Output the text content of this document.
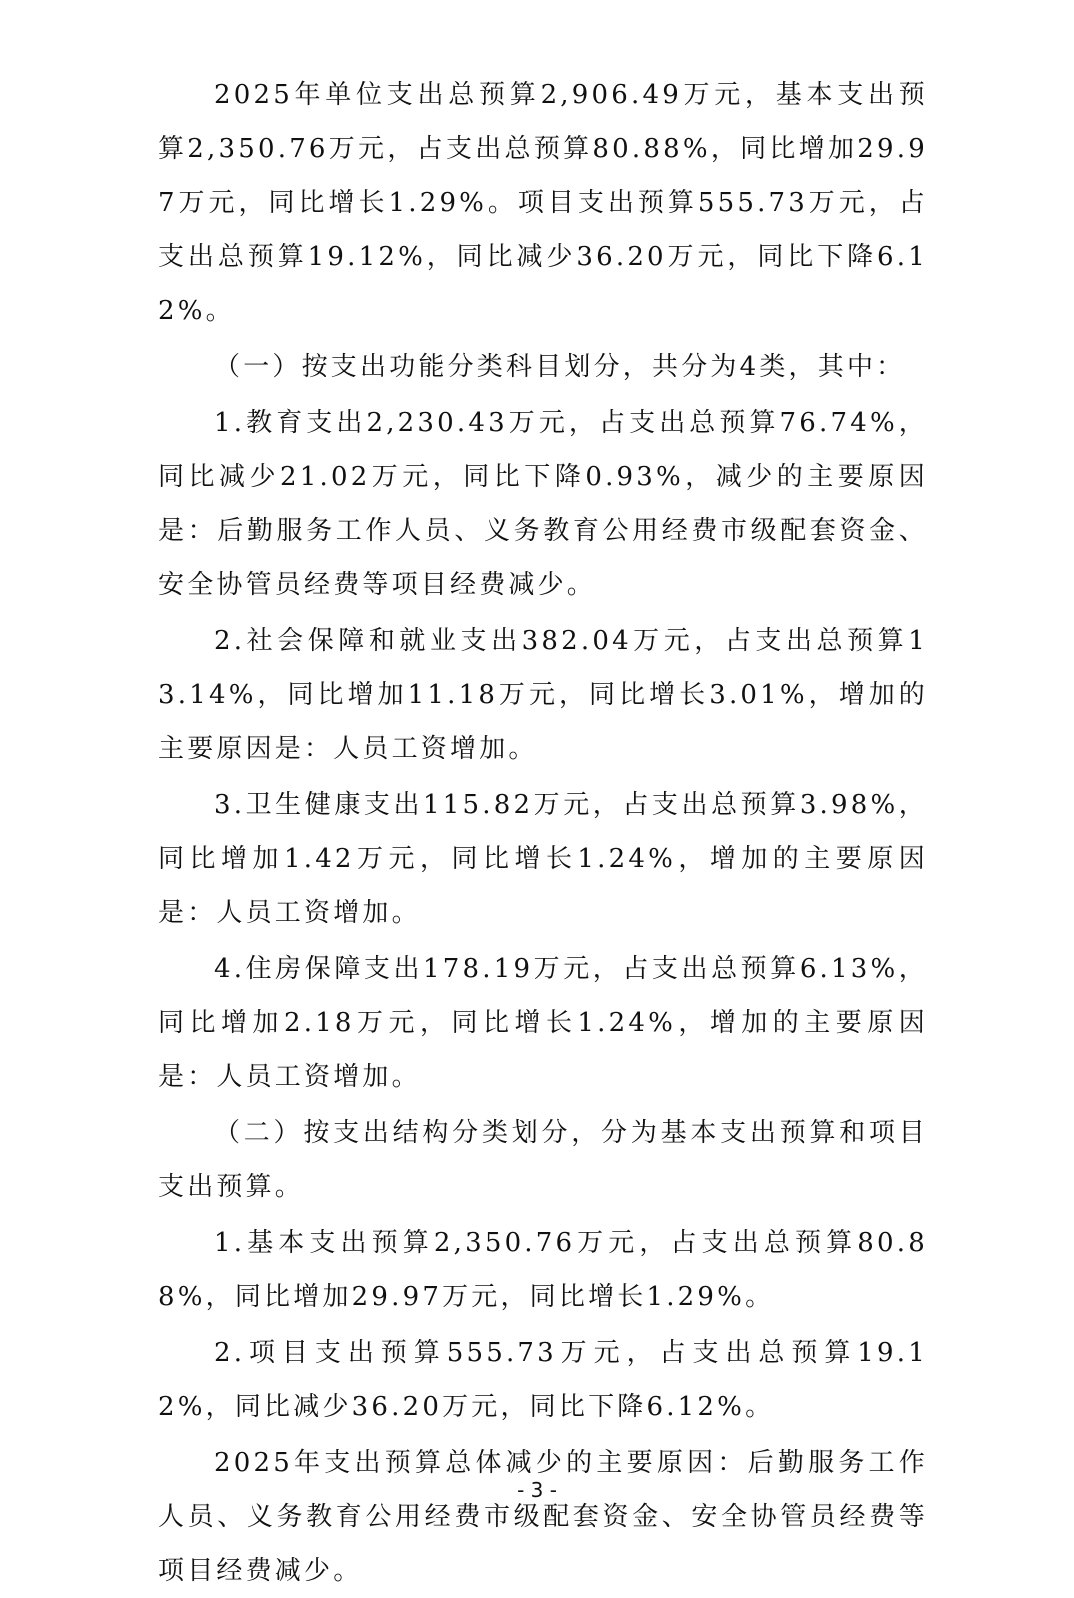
2025年单位支出总预算2,906.49万元，基本支出预算2,350.76万元，占支出总预算80.88%，同比增加29.97万元，同比增长1.29%。项目支出预算555.73万元，占支出总预算19.12%，同比减少36.20万元，同比下降6.12%。

（一）按支出功能分类科目划分，共分为4类，其中：

1.教育支出2,230.43万元，占支出总预算76.74%，同比减少21.02万元，同比下降0.93%，减少的主要原因是：后勤服务工作人员、义务教育公用经费市级配套资金、安全协管员经费等项目经费减少。

2.社会保障和就业支出382.04万元，占支出总预算13.14%，同比增加11.18万元，同比增长3.01%，增加的主要原因是：人员工资增加。

3.卫生健康支出115.82万元，占支出总预算3.98%，同比增加1.42万元，同比增长1.24%，增加的主要原因是：人员工资增加。

4.住房保障支出178.19万元，占支出总预算6.13%，同比增加2.18万元，同比增长1.24%，增加的主要原因是：人员工资增加。

（二）按支出结构分类划分，分为基本支出预算和项目支出预算。

1.基本支出预算2,350.76万元，占支出总预算80.88%，同比增加29.97万元，同比增长1.29%。

2.项目支出预算555.73万元，占支出总预算19.12%，同比减少36.20万元，同比下降6.12%。

2025年支出预算总体减少的主要原因：后勤服务工作人员、义务教育公用经费市级配套资金、安全协管员经费等项目经费减少。

- 3 -
